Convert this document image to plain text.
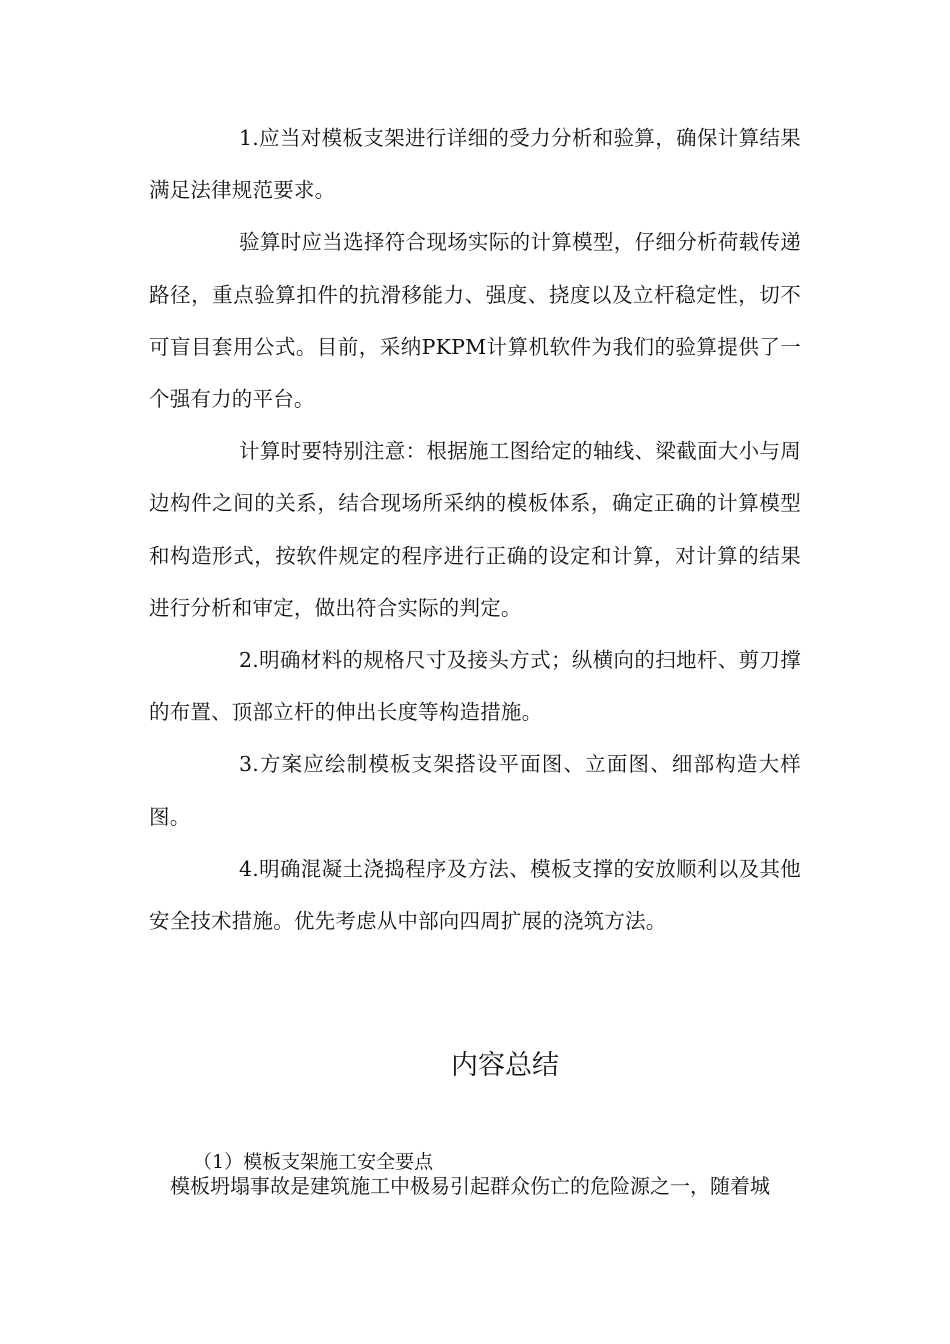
1.应当对模板支架进行详细的受力分析和验算，确保计算结果满足法律规范要求。

验算时应当选择符合现场实际的计算模型，仔细分析荷载传递路径，重点验算扣件的抗滑移能力、强度、挠度以及立杆稳定性，切不可盲目套用公式。目前，采纳PKPM计算机软件为我们的验算提供了一个强有力的平台。

计算时要特别注意：根据施工图给定的轴线、梁截面大小与周边构件之间的关系，结合现场所采纳的模板体系，确定正确的计算模型和构造形式，按软件规定的程序进行正确的设定和计算，对计算的结果进行分析和审定，做出符合实际的判定。

2.明确材料的规格尺寸及接头方式；纵横向的扫地杆、剪刀撑的布置、顶部立杆的伸出长度等构造措施。

3.方案应绘制模板支架搭设平面图、立面图、细部构造大样图。

4.明确混凝土浇捣程序及方法、模板支撑的安放顺利以及其他安全技术措施。优先考虑从中部向四周扩展的浇筑方法。

内容总结
（1）模板支架施工安全要点
模板坍塌事故是建筑施工中极易引起群众伤亡的危险源之一，随着城
